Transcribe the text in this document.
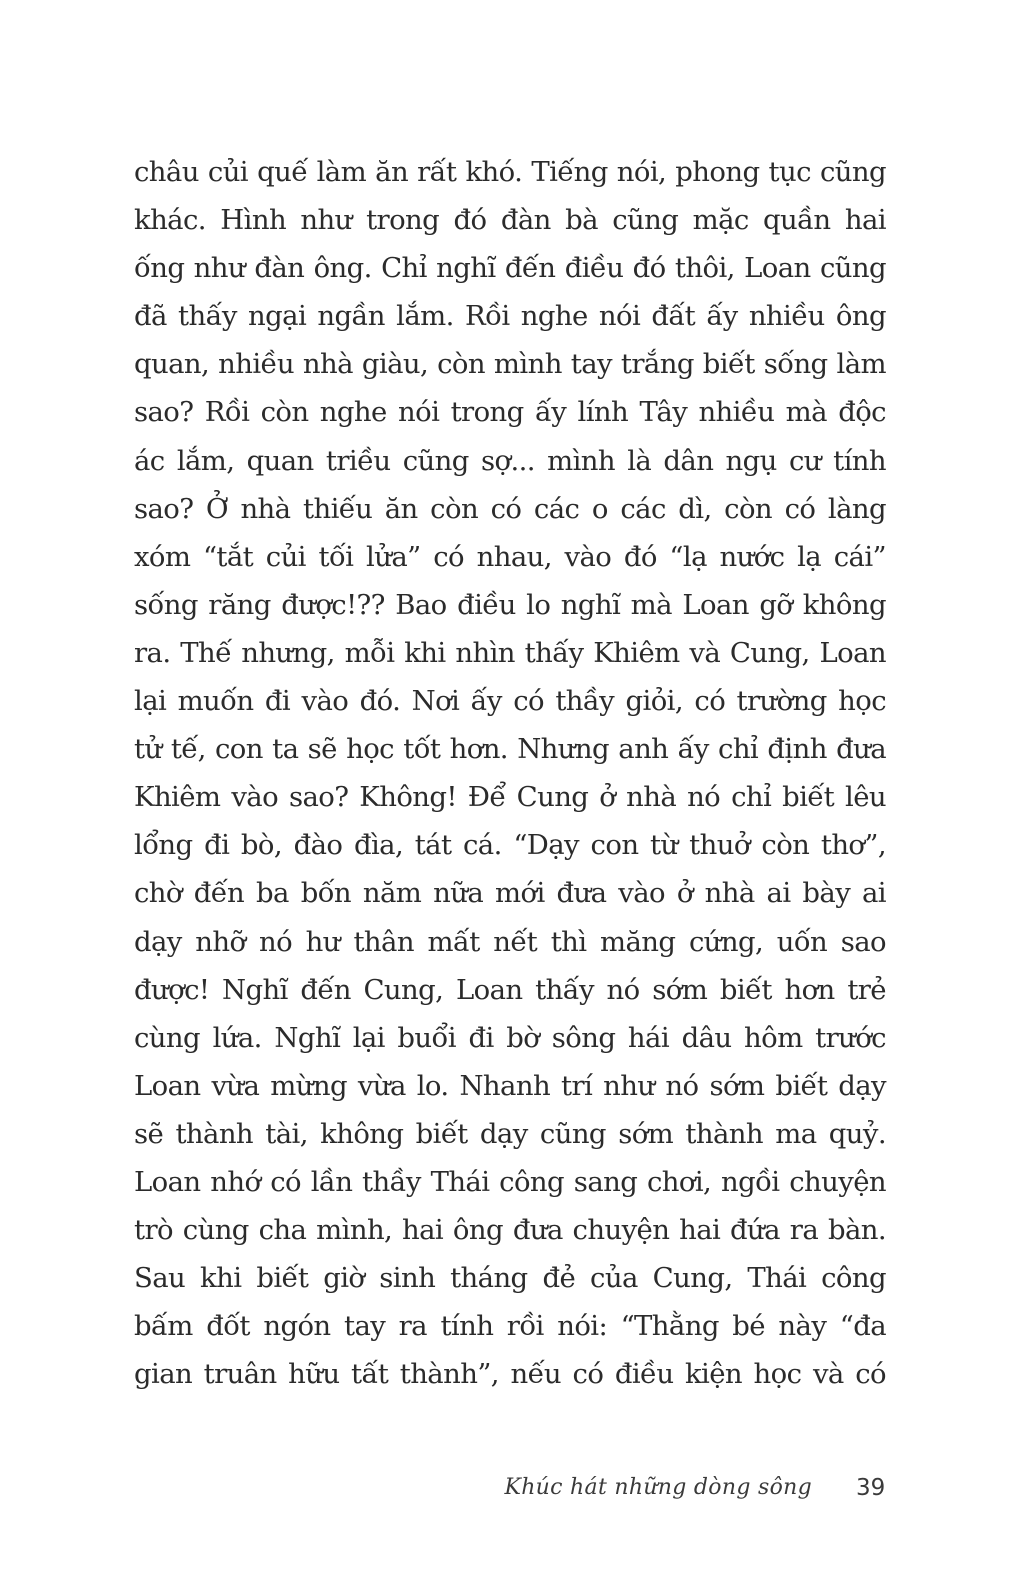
châu củi quế làm ăn rất khó. Tiếng nói, phong tục cũng
khác. Hình như trong đó đàn bà cũng mặc quần hai
ống như đàn ông. Chỉ nghĩ đến điều đó thôi, Loan cũng
đã thấy ngại ngần lắm. Rồi nghe nói đất ấy nhiều ông
quan, nhiều nhà giàu, còn mình tay trắng biết sống làm
sao? Rồi còn nghe nói trong ấy lính Tây nhiều mà độc
ác lắm, quan triều cũng sợ... mình là dân ngụ cư tính
sao? Ở nhà thiếu ăn còn có các o các dì, còn có làng
xóm “tắt củi tối lửa” có nhau, vào đó “lạ nước lạ cái”
sống răng được!?? Bao điều lo nghĩ mà Loan gỡ không
ra. Thế nhưng, mỗi khi nhìn thấy Khiêm và Cung, Loan
lại muốn đi vào đó. Nơi ấy có thầy giỏi, có trường học
tử tế, con ta sẽ học tốt hơn. Nhưng anh ấy chỉ định đưa
Khiêm vào sao? Không! Để Cung ở nhà nó chỉ biết lêu
lổng đi bò, đào đìa, tát cá. “Dạy con từ thuở còn thơ”,
chờ đến ba bốn năm nữa mới đưa vào ở nhà ai bày ai
dạy nhỡ nó hư thân mất nết thì măng cứng, uốn sao
được! Nghĩ đến Cung, Loan thấy nó sớm biết hơn trẻ
cùng lứa. Nghĩ lại buổi đi bờ sông hái dâu hôm trước
Loan vừa mừng vừa lo. Nhanh trí như nó sớm biết dạy
sẽ thành tài, không biết dạy cũng sớm thành ma quỷ.
Loan nhớ có lần thầy Thái công sang chơi, ngồi chuyện
trò cùng cha mình, hai ông đưa chuyện hai đứa ra bàn.
Sau khi biết giờ sinh tháng đẻ của Cung, Thái công
bấm đốt ngón tay ra tính rồi nói: “Thằng bé này “đa
gian truân hữu tất thành”, nếu có điều kiện học và có
Khúc hát những dòng sông 39
